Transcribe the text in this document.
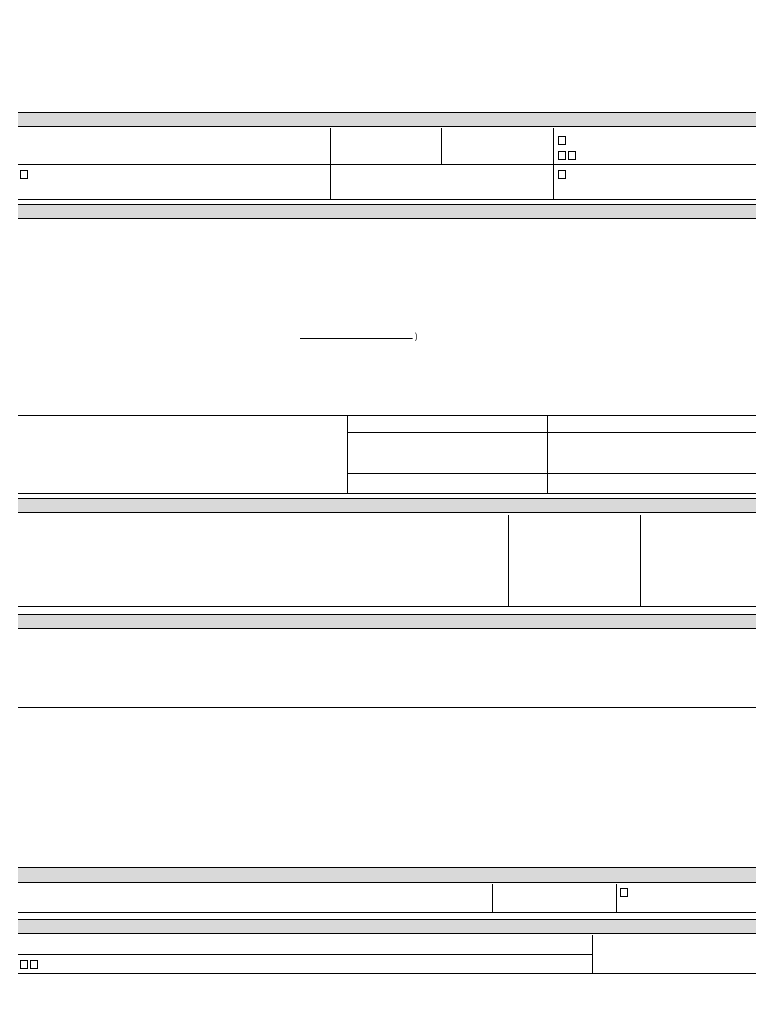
)
